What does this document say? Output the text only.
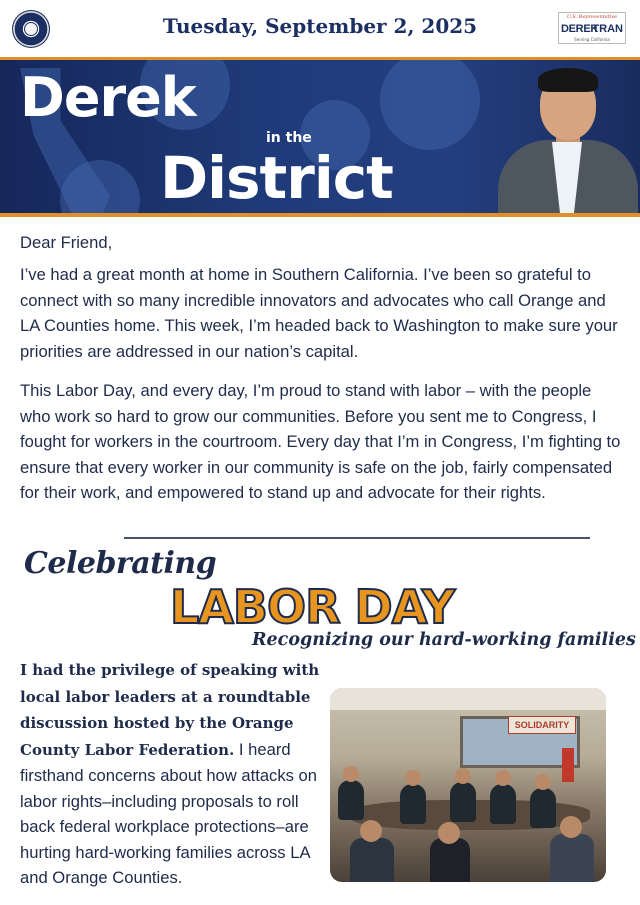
Tuesday, September 2, 2025	U.S. Representative
DEREK
TRAN
Serving California
Derek
in the
District
Dear Friend,
I’ve had a great month at home in Southern California. I’ve been so grateful to connect with so many incredible innovators and advocates who call Orange and LA Counties home. This week, I’m headed back to Washington to make sure your priorities are addressed in our nation’s capital.
This Labor Day, and every day, I’m proud to stand with labor – with the people who work so hard to grow our communities. Before you sent me to Congress, I fought for workers in the courtroom. Every day that I’m in Congress, I’m fighting to ensure that every worker in our community is safe on the job, fairly compensated for their work, and empowered to stand up and advocate for their rights.
Celebrating
LABOR DAY
Recognizing our hard-working families
I had the privilege of speaking with local labor leaders at a roundtable discussion hosted by the Orange County Labor Federation. I heard firsthand concerns about how attacks on labor rights–including proposals to roll back federal workplace protections–are hurting hard-working families across LA and Orange Counties.
SOLIDARITY
